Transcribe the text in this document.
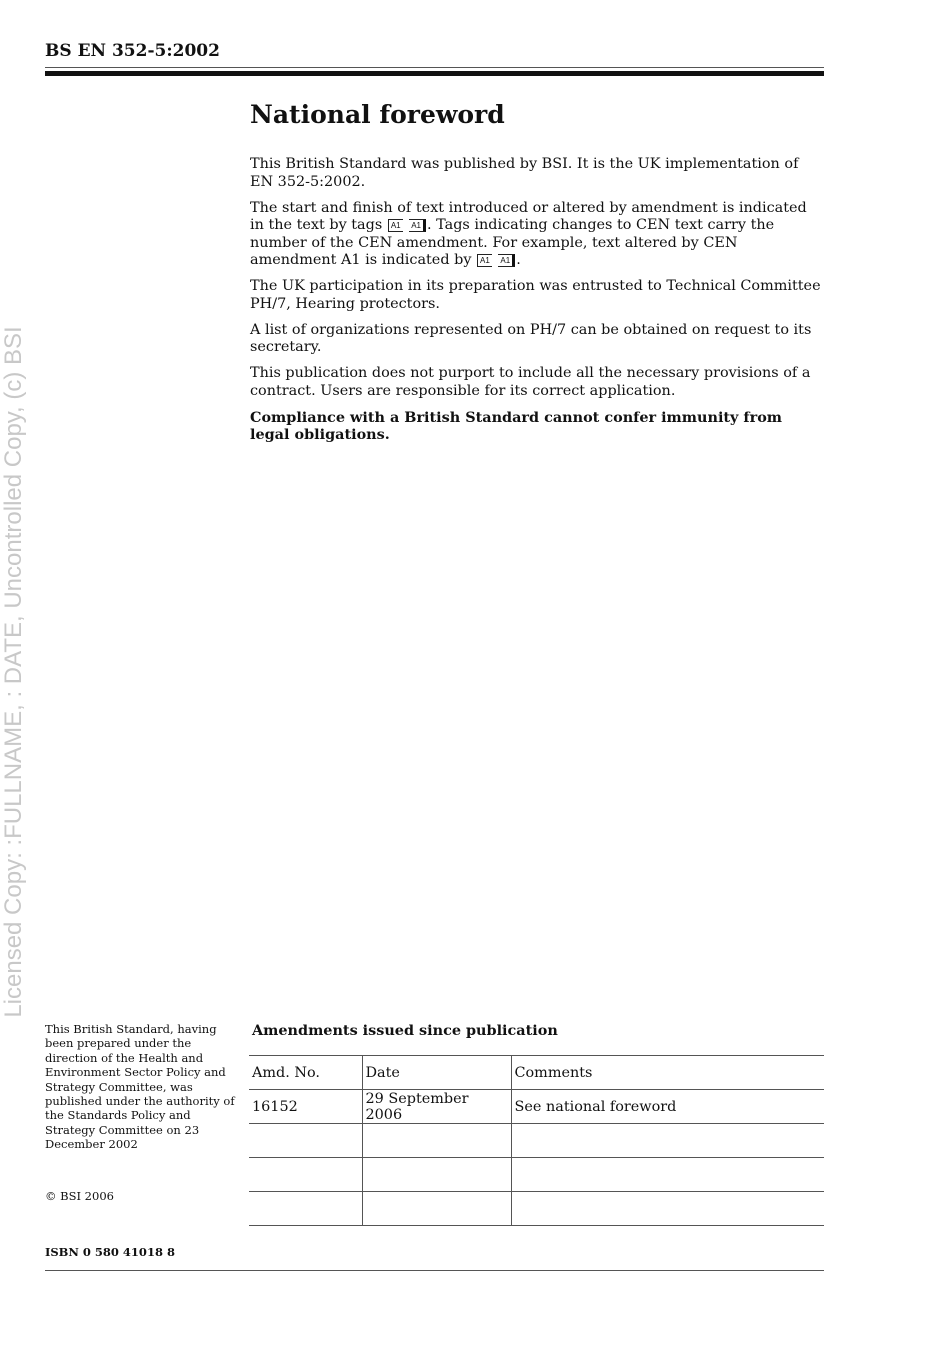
BS EN 352-5:2002
Licensed Copy: :FULLNAME, : DATE, Uncontrolled Copy, (c) BSI
National foreword

This British Standard was published by BSI. It is the UK implementation of EN 352-5:2002.

The start and finish of text introduced or altered by amendment is indicated in the text by tags A1 A1 . Tags indicating changes to CEN text carry the number of the CEN amendment. For example, text altered by CEN amendment A1 is indicated by A1 A1 .

The UK participation in its preparation was entrusted to Technical Committee PH/7, Hearing protectors.

A list of organizations represented on PH/7 can be obtained on request to its secretary.

This publication does not purport to include all the necessary provisions of a contract. Users are responsible for its correct application.

Compliance with a British Standard cannot confer immunity from legal obligations.

This British Standard, having been prepared under the direction of the Health and Environment Sector Policy and Strategy Committee, was published under the authority of the Standards Policy and Strategy Committee on 23 December 2002
© BSI 2006
ISBN 0 580 41018 8
Amendments issued since publication
Amd. No.	Date	Comments
16152	29 September 2006	See national foreword
